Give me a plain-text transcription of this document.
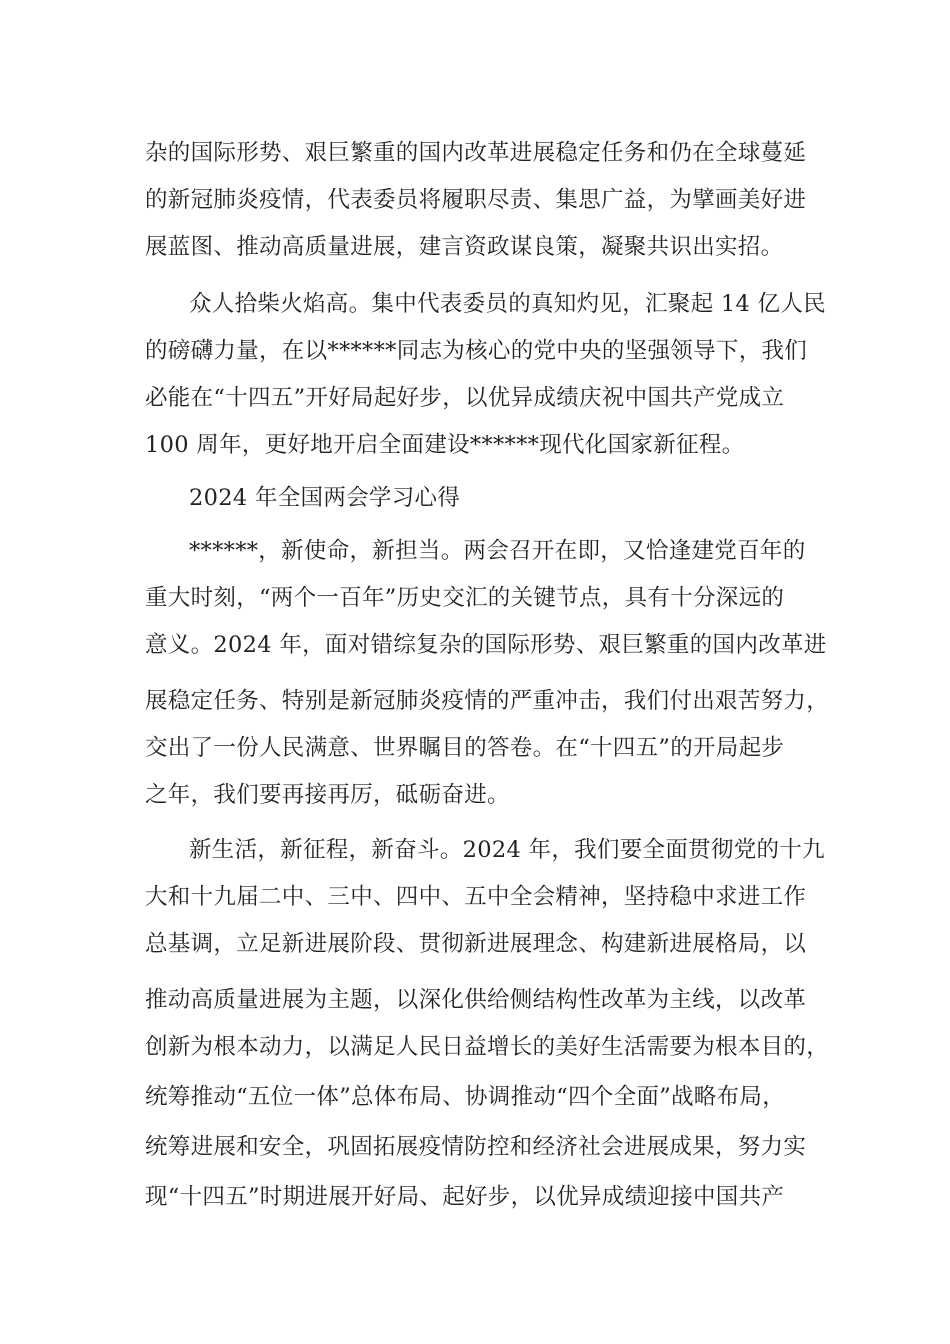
杂的国际形势、艰巨繁重的国内改革进展稳定任务和仍在全球蔓延
的新冠肺炎疫情，代表委员将履职尽责、集思广益，为擘画美好进
展蓝图、推动高质量进展，建言资政谋良策，凝聚共识出实招。
众人拾柴火焰高。集中代表委员的真知灼见，汇聚起 14 亿人民
的磅礴力量，在以******同志为核心的党中央的坚强领导下，我们
必能在“十四五”开好局起好步，以优异成绩庆祝中国共产党成立
100 周年，更好地开启全面建设******现代化国家新征程。
2024 年全国两会学习心得
******，新使命，新担当。两会召开在即，又恰逢建党百年的
重大时刻，“两个一百年”历史交汇的关键节点，具有十分深远的
意义。2024 年，面对错综复杂的国际形势、艰巨繁重的国内改革进
展稳定任务、特别是新冠肺炎疫情的严重冲击，我们付出艰苦努力，
交出了一份人民满意、世界瞩目的答卷。在“十四五”的开局起步
之年，我们要再接再厉，砥砺奋进。
新生活，新征程，新奋斗。2024 年，我们要全面贯彻党的十九
大和十九届二中、三中、四中、五中全会精神，坚持稳中求进工作
总基调，立足新进展阶段、贯彻新进展理念、构建新进展格局，以
推动高质量进展为主题，以深化供给侧结构性改革为主线，以改革
创新为根本动力，以满足人民日益增长的美好生活需要为根本目的，
统筹推动“五位一体”总体布局、协调推动“四个全面”战略布局，
统筹进展和安全，巩固拓展疫情防控和经济社会进展成果，努力实
现“十四五”时期进展开好局、起好步，以优异成绩迎接中国共产
